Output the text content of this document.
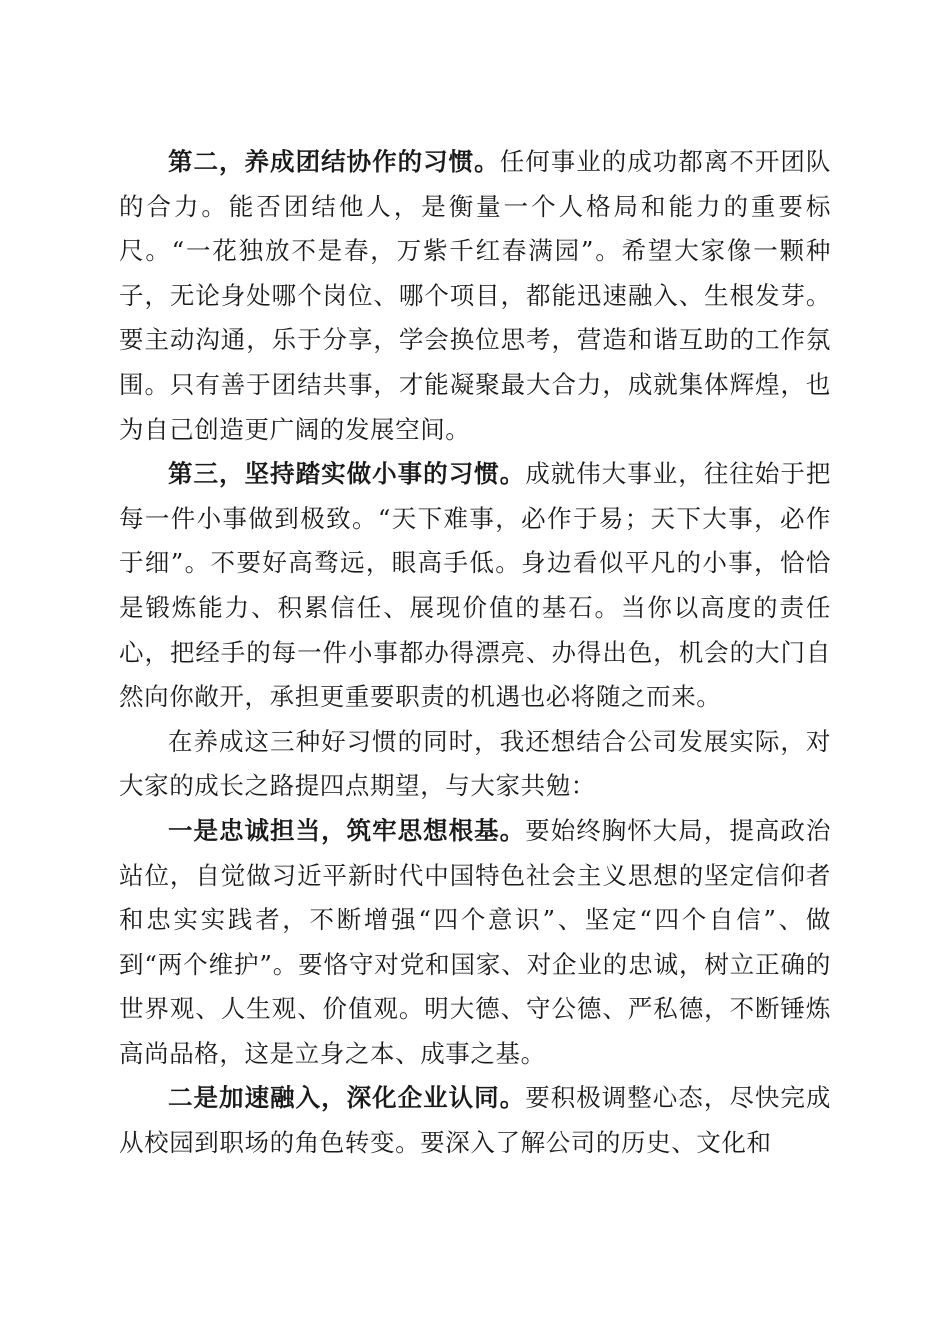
第二，养成团结协作的习惯。任何事业的成功都离不开团队的合力。能否团结他人，是衡量一个人格局和能力的重要标尺。“一花独放不是春，万紫千红春满园”。希望大家像一颗种子，无论身处哪个岗位、哪个项目，都能迅速融入、生根发芽。要主动沟通，乐于分享，学会换位思考，营造和谐互助的工作氛围。只有善于团结共事，才能凝聚最大合力，成就集体辉煌，也为自己创造更广阔的发展空间。

第三，坚持踏实做小事的习惯。成就伟大事业，往往始于把每一件小事做到极致。“天下难事，必作于易；天下大事，必作于细”。不要好高骛远，眼高手低。身边看似平凡的小事，恰恰是锻炼能力、积累信任、展现价值的基石。当你以高度的责任心，把经手的每一件小事都办得漂亮、办得出色，机会的大门自然向你敞开，承担更重要职责的机遇也必将随之而来。

在养成这三种好习惯的同时，我还想结合公司发展实际，对大家的成长之路提四点期望，与大家共勉：

一是忠诚担当，筑牢思想根基。要始终胸怀大局，提高政治站位，自觉做习近平新时代中国特色社会主义思想的坚定信仰者和忠实实践者，不断增强“四个意识”、坚定“四个自信”、做到“两个维护”。要恪守对党和国家、对企业的忠诚，树立正确的世界观、人生观、价值观。明大德、守公德、严私德，不断锤炼高尚品格，这是立身之本、成事之基。

二是加速融入，深化企业认同。要积极调整心态，尽快完成从校园到职场的角色转变。要深入了解公司的历史、文化和
